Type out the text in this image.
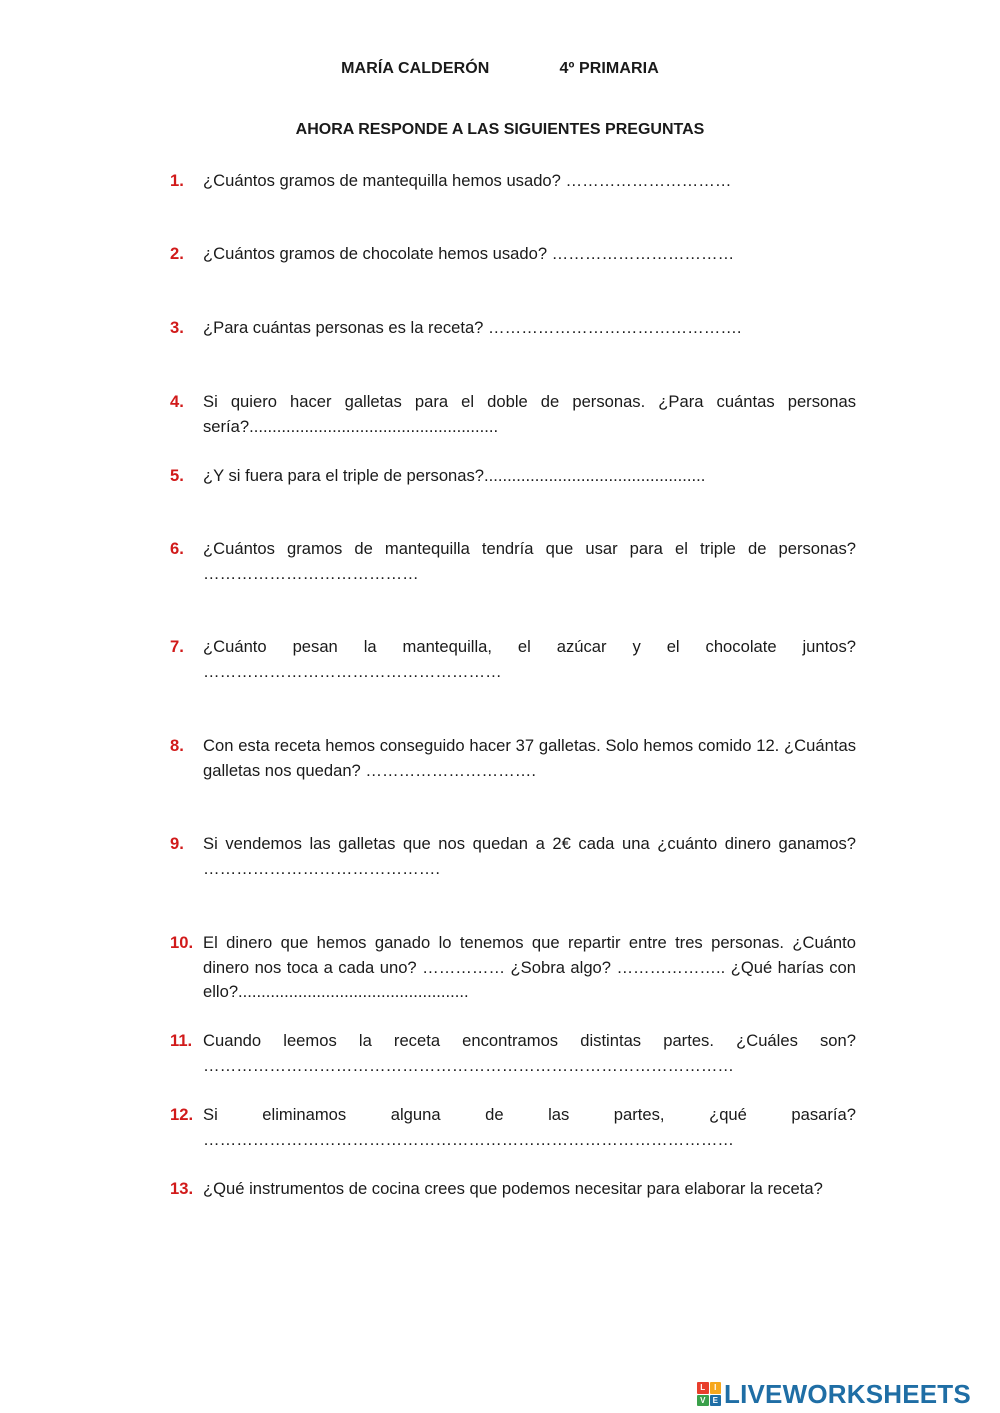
MARÍA CALDERÓN	4º PRIMARIA
AHORA RESPONDE A LAS SIGUIENTES PREGUNTAS
1.	¿Cuántos gramos de mantequilla hemos usado? …………………………
2.	¿Cuántos gramos de chocolate hemos usado? ……………………………
3.	¿Para cuántas personas es la receta? ……………………………………….
4.	Si quiero hacer galletas para el doble de personas. ¿Para cuántas personas sería?......................................................
5.	¿Y si fuera para el triple de personas?................................................
6.	¿Cuántos gramos de mantequilla tendría que usar para el triple de personas? …………………………………
7.	¿Cuánto pesan la mantequilla, el azúcar y el chocolate juntos? ………………………………………………
8.	Con esta receta hemos conseguido hacer 37 galletas. Solo hemos comido 12. ¿Cuántas galletas nos quedan? ………………………….
9.	Si vendemos las galletas que nos quedan a 2€ cada una ¿cuánto dinero ganamos? …………………………………….
10. El dinero que hemos ganado lo tenemos que repartir entre tres personas. ¿Cuánto dinero nos toca a cada uno? …………… ¿Sobra algo? ……………….. ¿Qué harías con ello?..................................................
11. Cuando leemos la receta encontramos distintas partes. ¿Cuáles son? ……………………………………………………………………………………
12. Si eliminamos alguna de las partes, ¿qué pasaría? ……………………………………………………………………………………
13. ¿Qué instrumentos de cocina crees que podemos necesitar para elaborar la receta?
L	I
V E LIVEWORKSHEETS
